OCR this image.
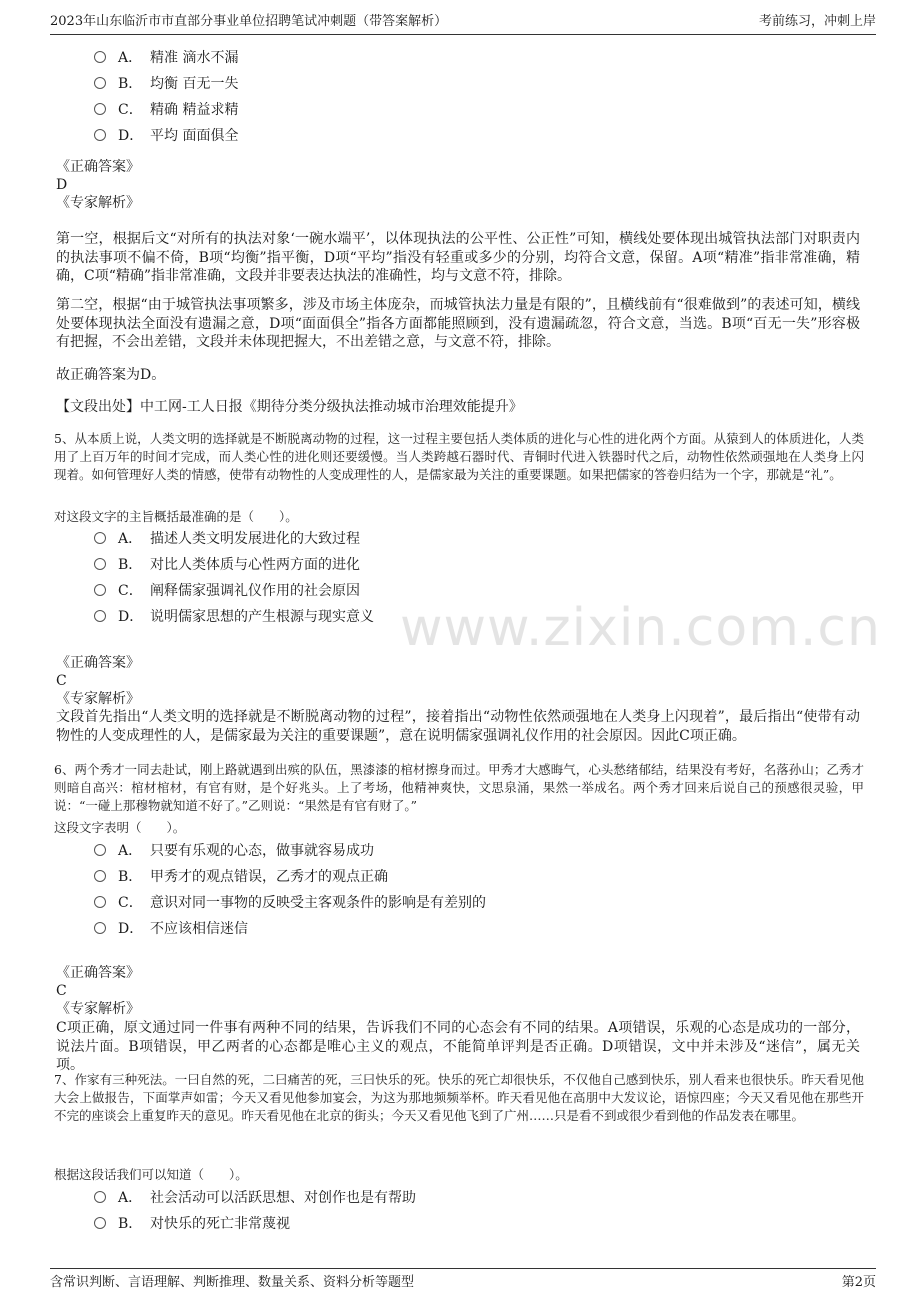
www.zixin.com.cn
2023年山东临沂市市直部分事业单位招聘笔试冲刺题（带答案解析）	考前练习，冲刺上岸
A． 精准 滴水不漏
B． 均衡 百无一失
C． 精确 精益求精
D． 平均 面面俱全
《正确答案》
D
《专家解析》
第一空，根据后文“对所有的执法对象‘一碗水端平’，以体现执法的公平性、公正性”可知，横线处要体现出城管执法部门对职责内的执法事项不偏不倚，B项“均衡”指平衡，D项“平均”指没有轻重或多少的分别，均符合文意，保留。A项“精准”指非常准确，精确，C项“精确”指非常准确，文段并非要表达执法的准确性，均与文意不符，排除。
第二空，根据“由于城管执法事项繁多，涉及市场主体庞杂，而城管执法力量是有限的”，且横线前有“很难做到”的表述可知，横线处要体现执法全面没有遗漏之意，D项“面面俱全”指各方面都能照顾到，没有遗漏疏忽，符合文意，当选。B项“百无一失”形容极有把握，不会出差错，文段并未体现把握大，不出差错之意，与文意不符，排除。
故正确答案为D。
【文段出处】中工网-工人日报《期待分类分级执法推动城市治理效能提升》
5、从本质上说，人类文明的选择就是不断脱离动物的过程，这一过程主要包括人类体质的进化与心性的进化两个方面。从猿到人的体质进化，人类用了上百万年的时间才完成，而人类心性的进化则还要缓慢。当人类跨越石器时代、青铜时代进入铁器时代之后，动物性依然顽强地在人类身上闪现着。如何管理好人类的情感，使带有动物性的人变成理性的人，是儒家最为关注的重要课题。如果把儒家的答卷归结为一个字，那就是“礼”。
对这段文字的主旨概括最准确的是（　　）。
A． 描述人类文明发展进化的大致过程
B． 对比人类体质与心性两方面的进化
C． 阐释儒家强调礼仪作用的社会原因
D． 说明儒家思想的产生根源与现实意义
《正确答案》
C
《专家解析》
文段首先指出“人类文明的选择就是不断脱离动物的过程”，接着指出“动物性依然顽强地在人类身上闪现着”，最后指出“使带有动物性的人变成理性的人，是儒家最为关注的重要课题”，意在说明儒家强调礼仪作用的社会原因。因此C项正确。
6、两个秀才一同去赴试，刚上路就遇到出殡的队伍，黑漆漆的棺材擦身而过。甲秀才大感晦气，心头愁绪郁结，结果没有考好，名落孙山；乙秀才则暗自高兴：棺材棺材，有官有财，是个好兆头。上了考场，他精神爽快，文思泉涌，果然一举成名。两个秀才回来后说自己的预感很灵验，甲说：“一碰上那穆物就知道不好了。”乙则说：“果然是有官有财了。”
这段文字表明（　　）。
A． 只要有乐观的心态，做事就容易成功
B． 甲秀才的观点错误，乙秀才的观点正确
C． 意识对同一事物的反映受主客观条件的影响是有差别的
D． 不应该相信迷信
《正确答案》
C
《专家解析》
C项正确，原文通过同一件事有两种不同的结果，告诉我们不同的心态会有不同的结果。A项错误，乐观的心态是成功的一部分，说法片面。B项错误，甲乙两者的心态都是唯心主义的观点，不能简单评判是否正确。D项错误，文中并未涉及“迷信”，属无关项。
7、作家有三种死法。一曰自然的死，二曰痛苦的死，三曰快乐的死。快乐的死亡却很快乐，不仅他自己感到快乐，别人看来也很快乐。昨天看见他大会上做报告，下面掌声如雷；今天又看见他参加宴会，为这为那地频频举杯。昨天看见他在高朋中大发议论，语惊四座；今天又看见他在那些开不完的座谈会上重复昨天的意见。昨天看见他在北京的街头；今天又看见他飞到了广州……只是看不到或很少看到他的作品发表在哪里。
根据这段话我们可以知道（　　）。
A． 社会活动可以活跃思想、对创作也是有帮助
B． 对快乐的死亡非常蔑视
含常识判断、言语理解、判断推理、数量关系、资料分析等题型	第2页
